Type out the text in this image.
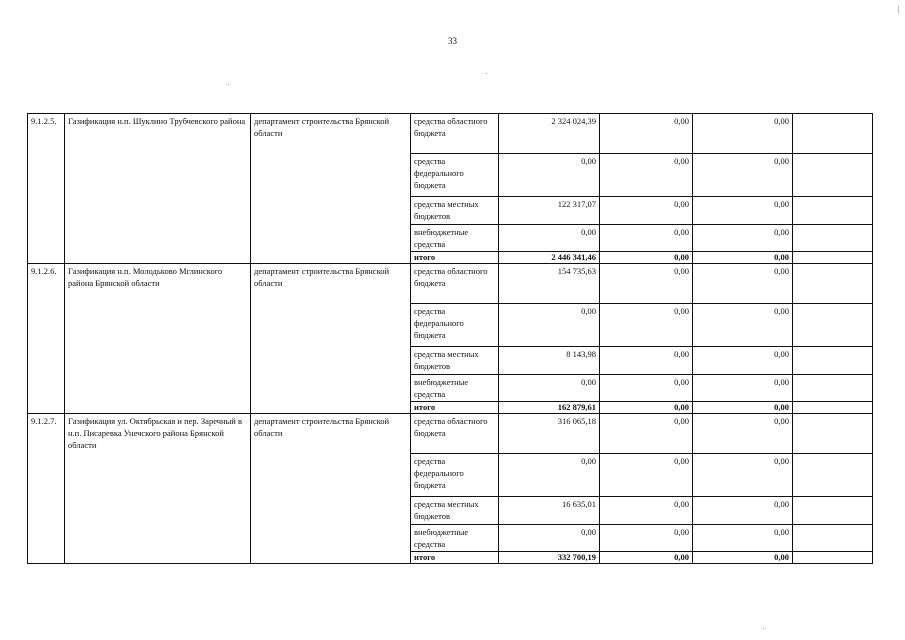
33
9.1.2.5.	Газификация н.п. Шуклино Трубчевского района	департамент строительства Брянской области	средства областного бюджета	2 324 024,39	0,00	0,00	
			средства федерального бюджета	0,00	0,00	0,00	
			средства местных бюджетов	122 317,07	0,00	0,00	
			внебюджетные средства	0,00	0,00	0,00	
			итого	2 446 341,46	0,00	0,00	
9.1.2.6.	Газификация н.п. Молодьково Мглинского района Брянской области	департамент строительства Брянской области	средства областного бюджета	154 735,63	0,00	0,00	
			средства федерального бюджета	0,00	0,00	0,00	
			средства местных бюджетов	8 143,98	0,00	0,00	
			внебюджетные средства	0,00	0,00	0,00	
			итого	162 879,61	0,00	0,00	
9.1.2.7.	Газификация ул. Октябрьская и пер. Заречный в н.п. Писаревка Унечского района Брянской области	департамент строительства Брянской области	средства областного бюджета	316 065,18	0,00	0,00	
			средства федерального бюджета	0,00	0,00	0,00	
			средства местных бюджетов	16 635,01	0,00	0,00	
			внебюджетные средства	0,00	0,00	0,00	
			итого	332 700,19	0,00	0,00	
